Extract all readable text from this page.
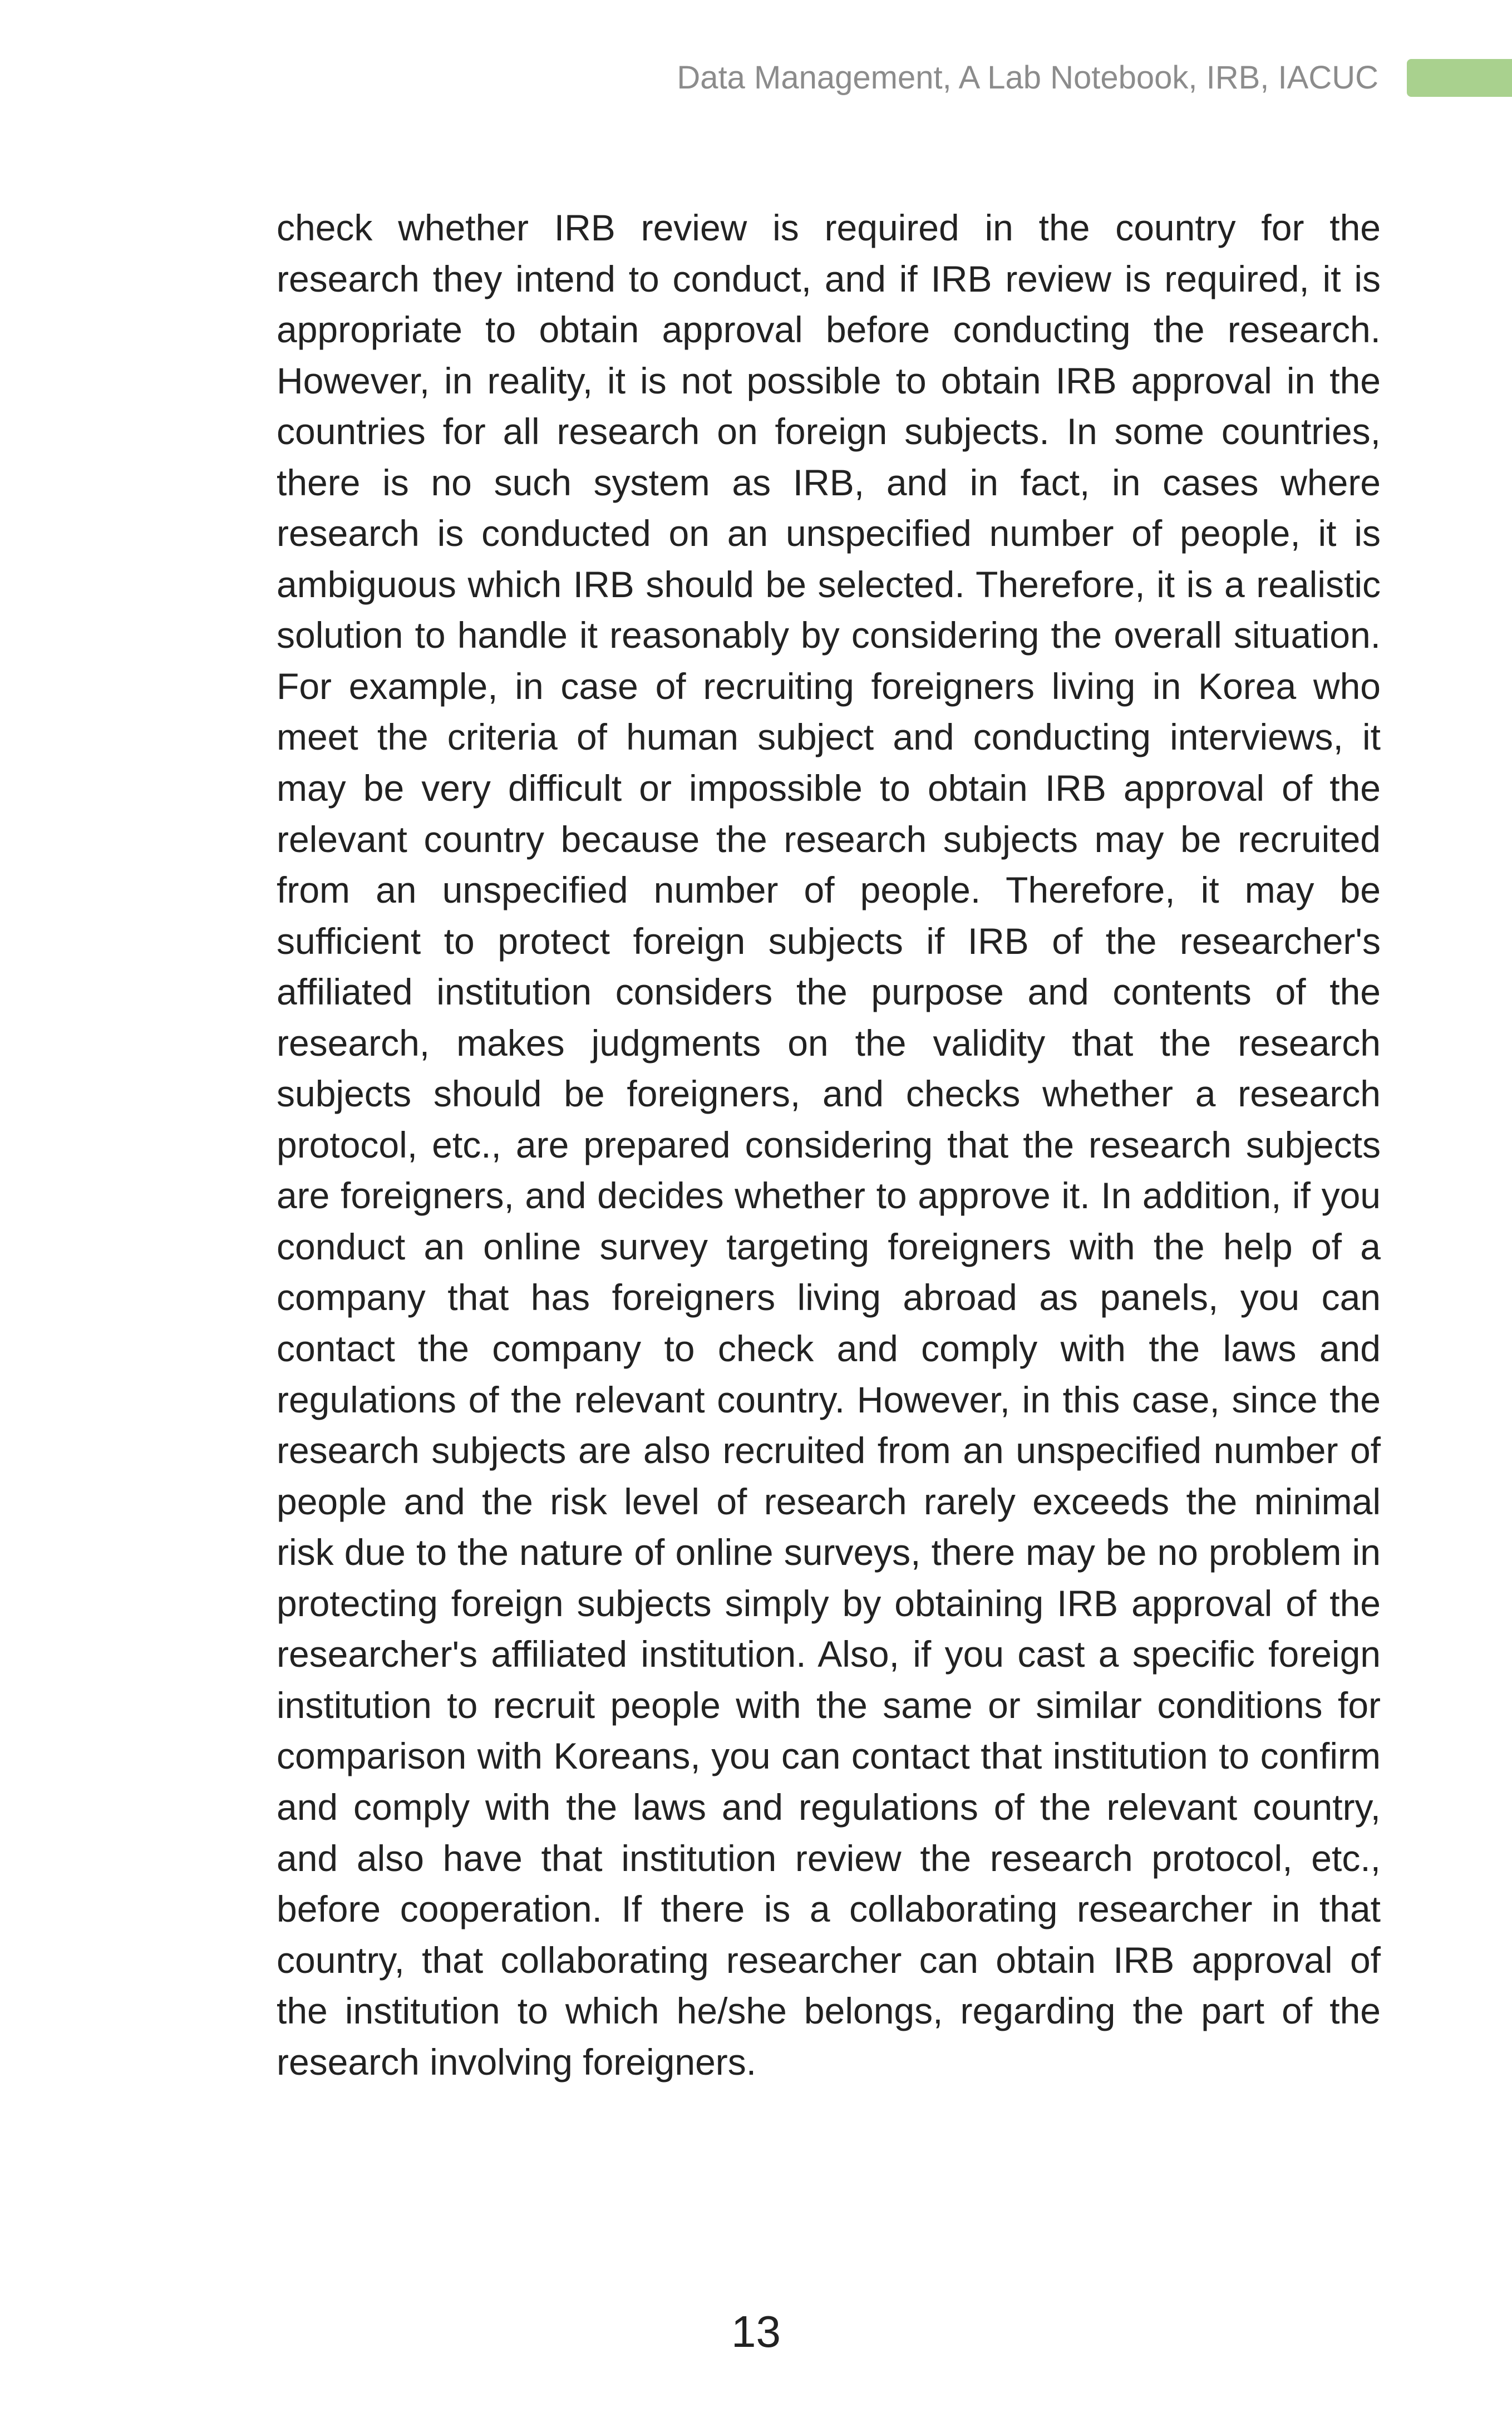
Data Management, A Lab Notebook, IRB, IACUC

check whether IRB review is required in the country for the research they intend to conduct, and if IRB review is required, it is appropriate to obtain approval before conducting the research. However, in reality, it is not possible to obtain IRB approval in the countries for all research on foreign subjects. In some countries, there is no such system as IRB, and in fact, in cases where research is conducted on an unspecified number of people, it is ambiguous which IRB should be selected. Therefore, it is a realistic solution to handle it reasonably by considering the overall situation. For example, in case of recruiting foreigners living in Korea who meet the criteria of human subject and conducting interviews, it may be very difficult or impossible to obtain IRB approval of the relevant country because the research subjects may be recruited from an unspecified number of people. Therefore, it may be sufficient to protect foreign subjects if IRB of the researcher's affiliated institution considers the purpose and contents of the research, makes judgments on the validity that the research subjects should be foreigners, and checks whether a research protocol, etc., are prepared considering that the research subjects are foreigners, and decides whether to approve it. In addition, if you conduct an online survey targeting foreigners with the help of a company that has foreigners living abroad as panels, you can contact the company to check and comply with the laws and regulations of the relevant country. However, in this case, since the research subjects are also recruited from an unspecified number of people and the risk level of research rarely exceeds the minimal risk due to the nature of online surveys, there may be no problem in protecting foreign subjects simply by obtaining IRB approval of the researcher's affiliated institution. Also, if you cast a specific foreign institution to recruit people with the same or similar conditions for comparison with Koreans, you can contact that institution to confirm and comply with the laws and regulations of the relevant country, and also have that institution review the research protocol, etc., before cooperation. If there is a collaborating researcher in that country, that collaborating researcher can obtain IRB approval of the institution to which he/she belongs, regarding the part of the research involving foreigners.

13
